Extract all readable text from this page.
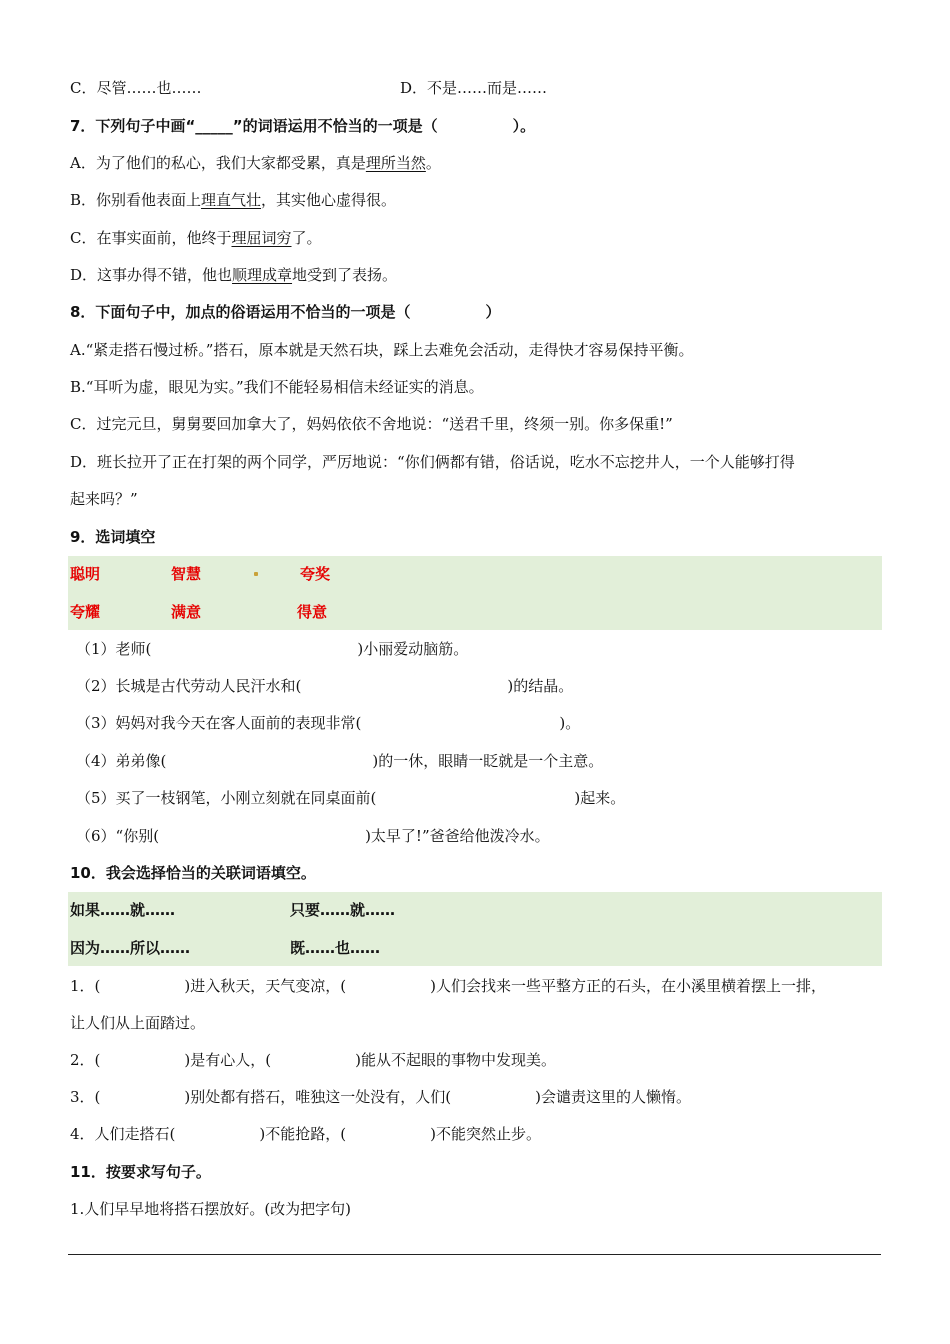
C．尽管……也……	D．不是……而是……
7．下列句子中画“_____”的词语运用不恰当的一项是（　　　　　）。
A．为了他们的私心，我们大家都受累，真是理所当然。
B．你别看他表面上理直气壮，其实他心虚得很。
C．在事实面前，他终于理屈词穷了。
D．这事办得不错，他也顺理成章地受到了表扬。
8．下面句子中，加点的俗语运用不恰当的一项是（　　　　　）
A.“紧走搭石慢过桥。”搭石，原本就是天然石块，踩上去难免会活动，走得快才容易保持平衡。
B.“耳听为虚，眼见为实。”我们不能轻易相信未经证实的消息。
C．过完元旦，舅舅要回加拿大了，妈妈依依不舍地说：“送君千里，终须一别。你多保重!”
D．班长拉开了正在打架的两个同学，严厉地说：“你们俩都有错，俗话说，吃水不忘挖井人，一个人能够打得
起来吗？”
9．选词填空
聪明	智慧	夸奖
夸耀	满意	得意
（1）老师(	)小丽爱动脑筋。
（2）长城是古代劳动人民汗水和(	)的结晶。
（3）妈妈对我今天在客人面前的表现非常(	)。
（4）弟弟像(	)的一休，眼睛一眨就是一个主意。
（5）买了一枝钢笔，小刚立刻就在同桌面前(	)起来。
（6）“你别(	)太早了!”爸爸给他泼冷水。
10．我会选择恰当的关联词语填空。
如果……就……	只要……就……
因为……所以……	既……也……
1．(	)进入秋天，天气变凉，(	)人们会找来一些平整方正的石头，在小溪里横着摆上一排，
让人们从上面踏过。
2．(	)是有心人，(	)能从不起眼的事物中发现美。
3．(	)别处都有搭石，唯独这一处没有，人们(	)会谴责这里的人懒惰。
4．人们走搭石(	)不能抢路，(	)不能突然止步。
11．按要求写句子。
1.人们早早地将搭石摆放好。(改为把字句)
